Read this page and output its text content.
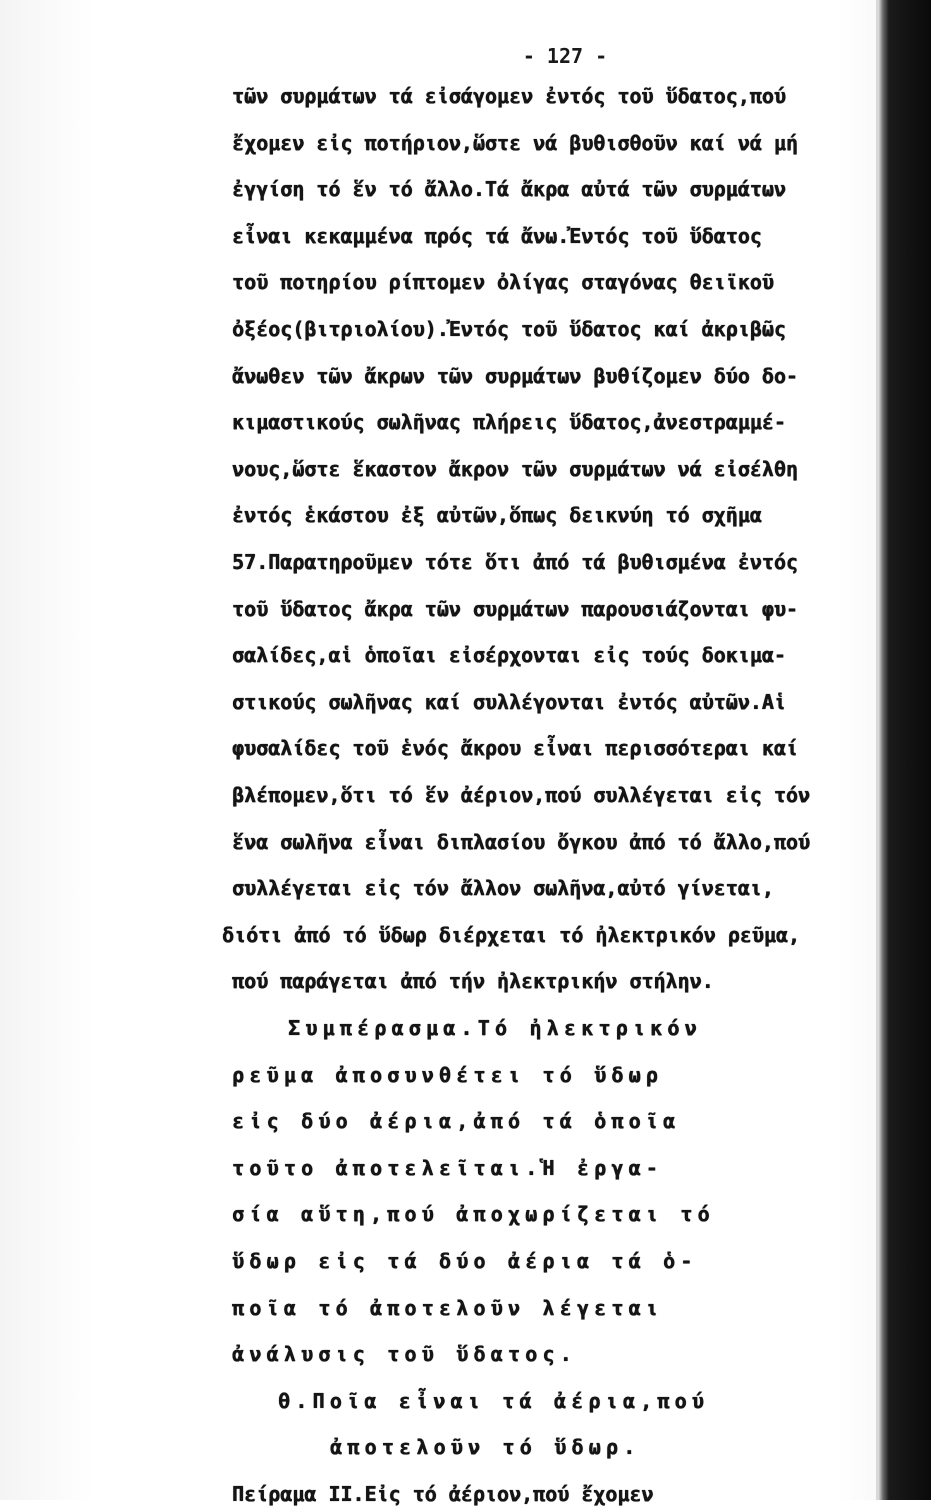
- 127 -
τῶν συρμάτων τά εἰσάγομεν ἐντός τοῦ ὕδατος,πού
ἔχομεν εἰς ποτήριον,ὥστε νά βυθισθοῦν καί νά μή
ἐγγίση τό ἕν τό ἄλλο.Τά ἄκρα αὐτά τῶν συρμάτων
εἶναι κεκαμμένα πρός τά ἄνω.Ἐντός τοῦ ὕδατος
τοῦ ποτηρίου ρίπτομεν ὀλίγας σταγόνας θειϊκοῦ
ὀξέος(βιτριολίου).Ἐντός τοῦ ὕδατος καί ἀκριβῶς
ἄνωθεν τῶν ἄκρων τῶν συρμάτων βυθίζομεν δύο δο-
κιμαστικούς σωλῆνας πλήρεις ὕδατος,ἀνεστραμμέ-
νους,ὥστε ἕκαστον ἄκρον τῶν συρμάτων νά εἰσέλθη
ἐντός ἑκάστου ἐξ αὐτῶν,ὅπως δεικνύη τό σχῆμα
57.Παρατηροῦμεν τότε ὅτι ἀπό τά βυθισμένα ἐντός
τοῦ ὕδατος ἄκρα τῶν συρμάτων παρουσιάζονται φυ-
σαλίδες,αἱ ὁποῖαι εἰσέρχονται εἰς τούς δοκιμα-
στικούς σωλῆνας καί συλλέγονται ἐντός αὐτῶν.Αἱ
φυσαλίδες τοῦ ἑνός ἄκρου εἶναι περισσότεραι καί
βλέπομεν,ὅτι τό ἕν ἀέριον,πού συλλέγεται εἰς τόν
ἕνα σωλῆνα εἶναι διπλασίου ὄγκου ἀπό τό ἄλλο,πού
συλλέγεται εἰς τόν ἄλλον σωλῆνα,αὐτό γίνεται,
διότι ἀπό τό ὕδωρ διέρχεται τό ἠλεκτρικόν ρεῦμα,
πού παράγεται ἀπό τήν ἠλεκτρικήν στήλην.
Συμπέρασμα.Τό ἠλεκτρικόν
ρεῦμα ἀποσυνθέτει τό ὕδωρ
εἰς δύο ἀέρια,ἀπό τά ὁποῖα
τοῦτο ἀποτελεῖται.Ἡ ἐργα-
σία αὕτη,πού ἀποχωρίζεται τό
ὕδωρ εἰς τά δύο ἀέρια τά ὁ-
ποῖα τό ἀποτελοῦν λέγεται
ἀνάλυσις τοῦ ὕδατος.
θ.Ποῖα εἶναι τά ἀέρια,πού
ἀποτελοῦν τό ὕδωρ.
Πείραμα ΙΙ.Εἰς τό ἀέριον,πού ἔχομεν
